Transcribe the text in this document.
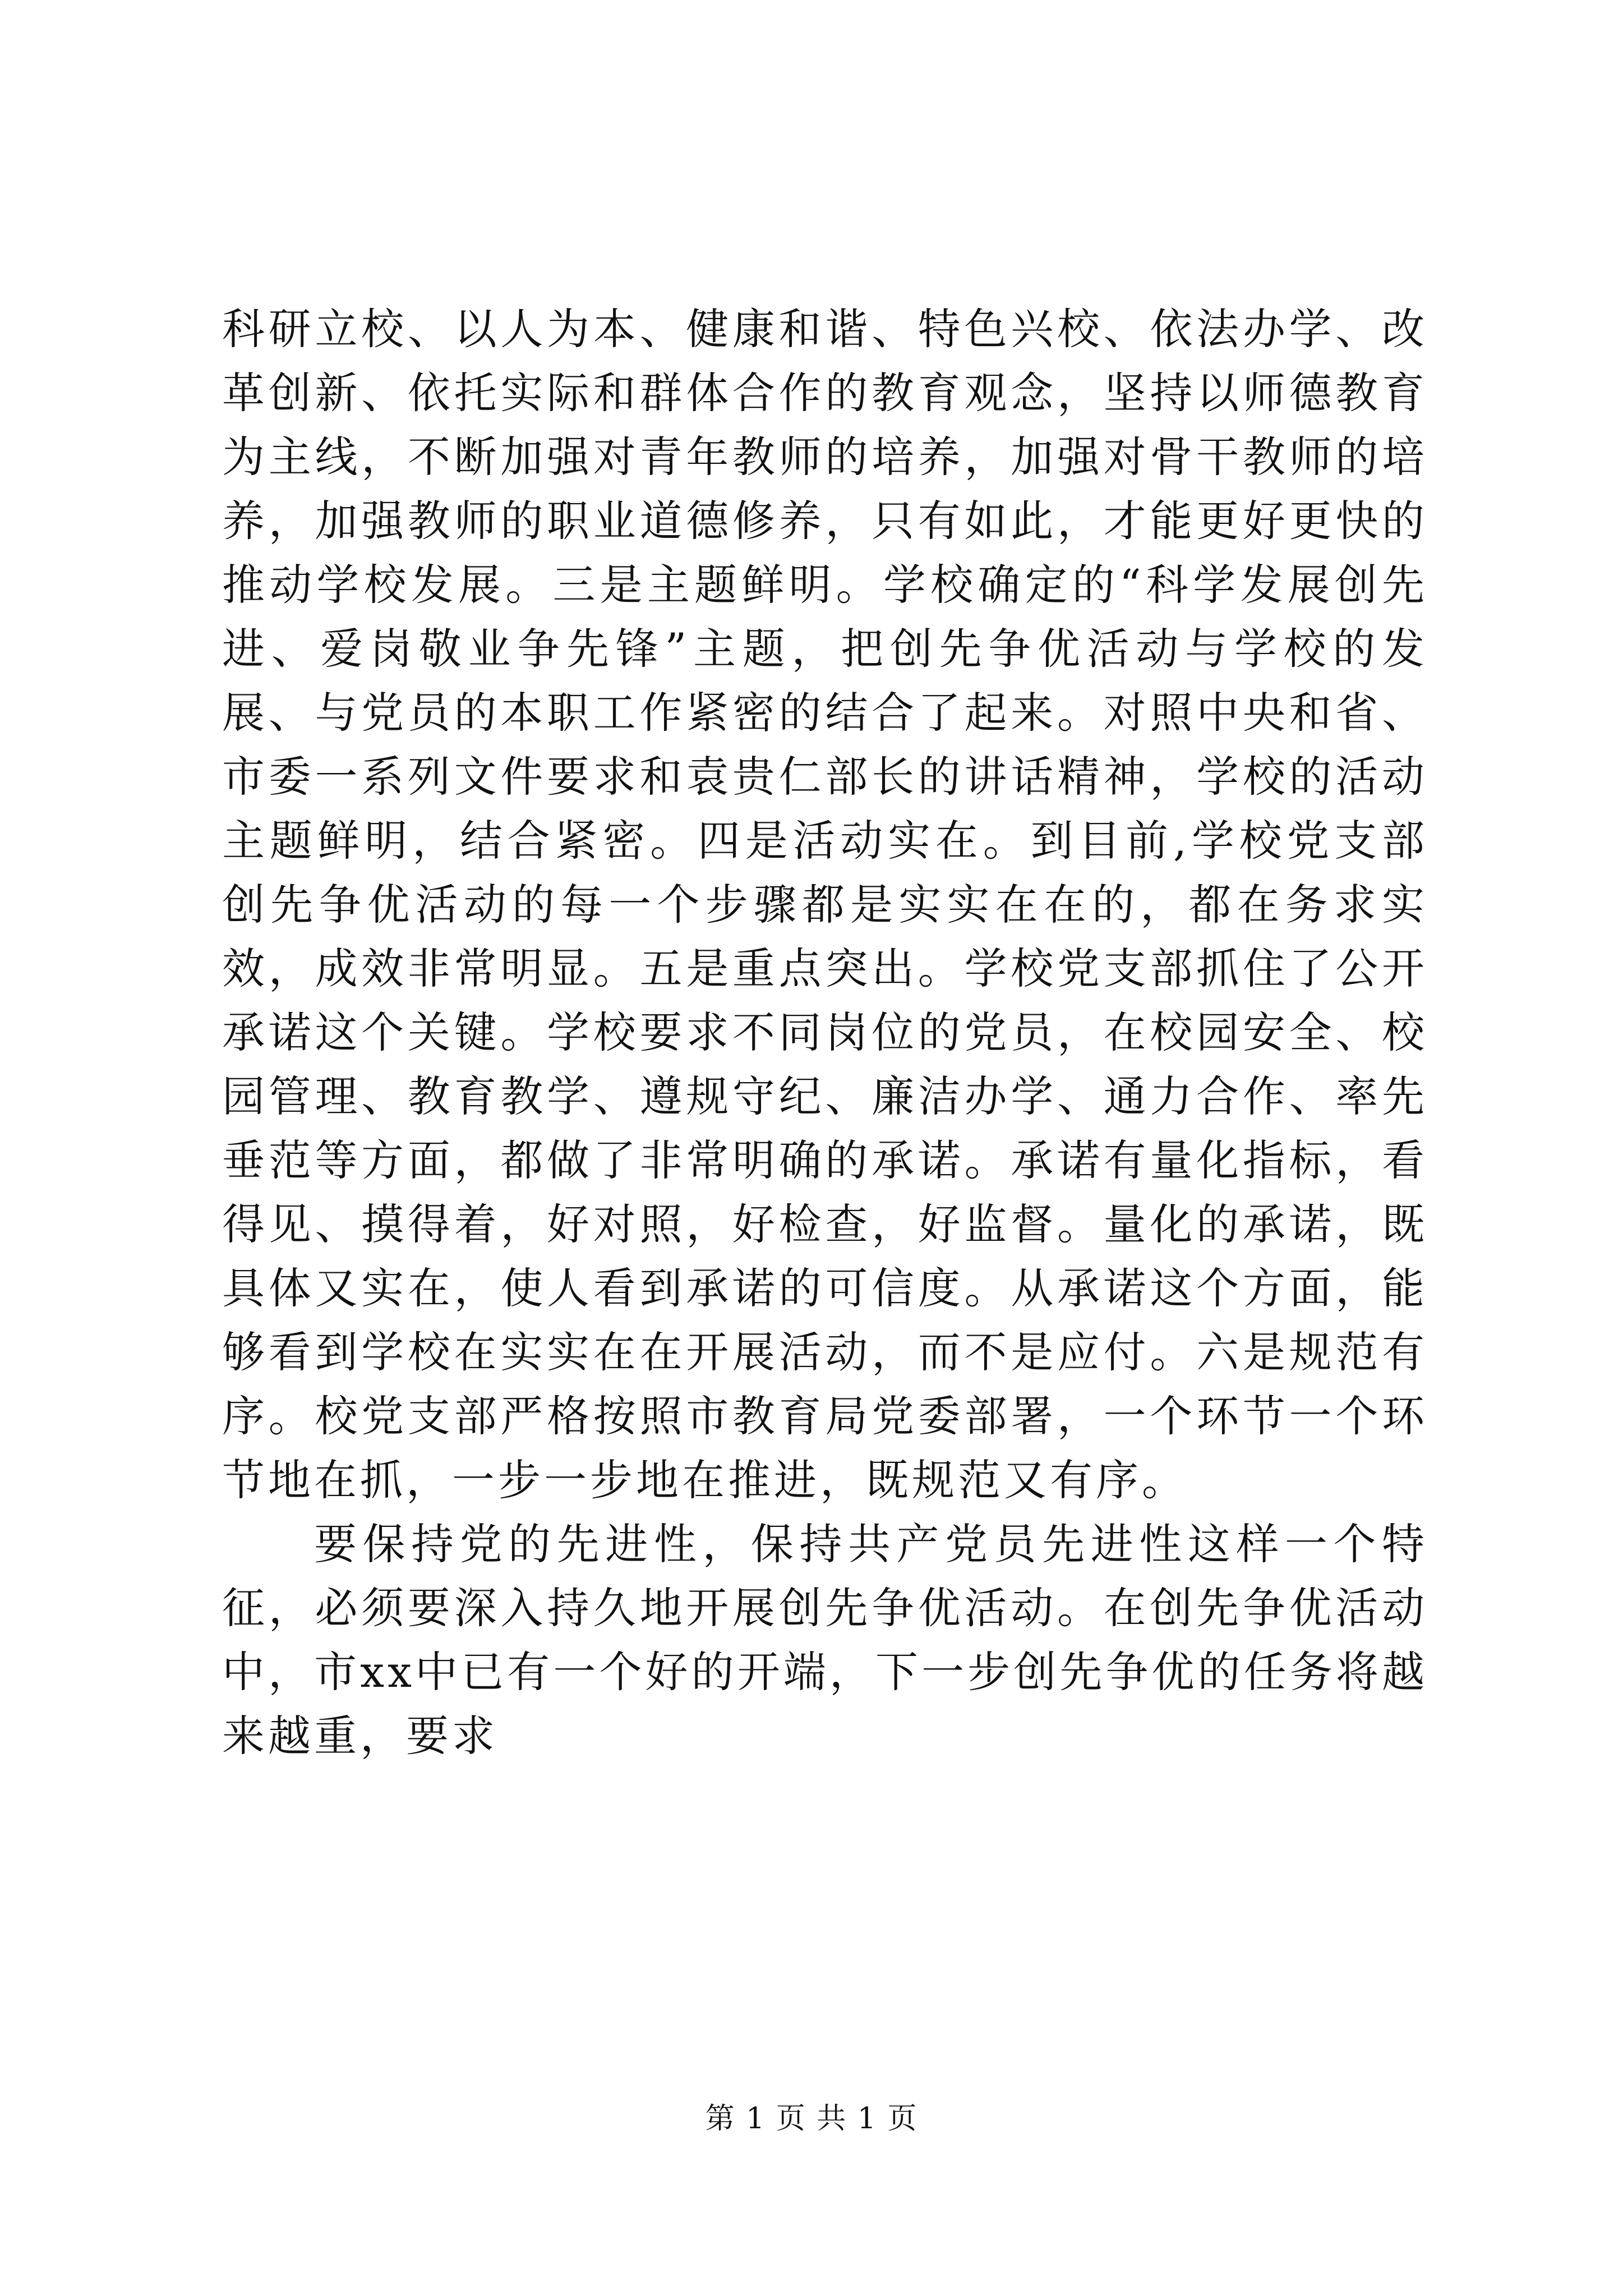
科研立校、以人为本、健康和谐、特色兴校、依法办学、改革创新、依托实际和群体合作的教育观念，坚持以师德教育为主线，不断加强对青年教师的培养，加强对骨干教师的培养，加强教师的职业道德修养，只有如此，才能更好更快的推动学校发展。三是主题鲜明。学校确定的“科学发展创先进、爱岗敬业争先锋”主题，把创先争优活动与学校的发展、与党员的本职工作紧密的结合了起来。对照中央和省、市委一系列文件要求和袁贵仁部长的讲话精神，学校的活动主题鲜明，结合紧密。四是活动实在。到目前,学校党支部创先争优活动的每一个步骤都是实实在在的，都在务求实效，成效非常明显。五是重点突出。学校党支部抓住了公开承诺这个关键。学校要求不同岗位的党员，在校园安全、校园管理、教育教学、遵规守纪、廉洁办学、通力合作、率先垂范等方面，都做了非常明确的承诺。承诺有量化指标，看得见、摸得着，好对照，好检查，好监督。量化的承诺，既具体又实在，使人看到承诺的可信度。从承诺这个方面，能够看到学校在实实在在开展活动，而不是应付。六是规范有序。校党支部严格按照市教育局党委部署，一个环节一个环节地在抓，一步一步地在推进，既规范又有序。

要保持党的先进性，保持共产党员先进性这样一个特征，必须要深入持久地开展创先争优活动。在创先争优活动中，市xx中已有一个好的开端，下一步创先争优的任务将越来越重，要求

第 1 页 共 1 页
